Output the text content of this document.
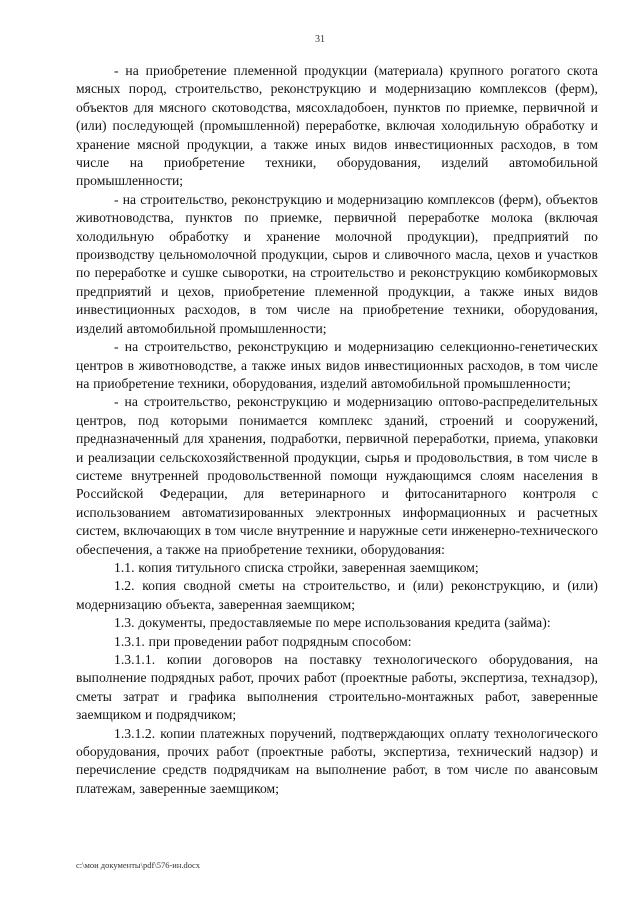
31

- на приобретение племенной продукции (материала) крупного рогатого скота мясных пород, строительство, реконструкцию и модернизацию комплексов (ферм), объектов для мясного скотоводства, мясохладобоен, пунктов по приемке, первичной и (или) последующей (промышленной) переработке, включая холодильную обработку и хранение мясной продукции, а также иных видов инвестиционных расходов, в том числе на приобретение техники, оборудования, изделий автомобильной промышленности;

- на строительство, реконструкцию и модернизацию комплексов (ферм), объектов животноводства, пунктов по приемке, первичной переработке молока (включая холодильную обработку и хранение молочной продукции), предприятий по производству цельномолочной продукции, сыров и сливочного масла, цехов и участков по переработке и сушке сыворотки, на строительство и реконструкцию комбикормовых предприятий и цехов, приобретение племенной продукции, а также иных видов инвестиционных расходов, в том числе на приобретение техники, оборудования, изделий автомобильной промышленности;

- на строительство, реконструкцию и модернизацию селекционно-генетических центров в животноводстве, а также иных видов инвестиционных расходов, в том числе на приобретение техники, оборудования, изделий автомобильной промышленности;

- на строительство, реконструкцию и модернизацию оптово-распределительных центров, под которыми понимается комплекс зданий, строений и сооружений, предназначенный для хранения, подработки, первичной переработки, приема, упаковки и реализации сельскохозяйственной продукции, сырья и продовольствия, в том числе в системе внутренней продовольственной помощи нуждающимся слоям населения в Российской Федерации, для ветеринарного и фитосанитарного контроля с использованием автоматизированных электронных информационных и расчетных систем, включающих в том числе внутренние и наружные сети инженерно-технического обеспечения, а также на приобретение техники, оборудования:

1.1. копия титульного списка стройки, заверенная заемщиком;

1.2. копия сводной сметы на строительство, и (или) реконструкцию, и (или) модернизацию объекта, заверенная заемщиком;

1.3. документы, предоставляемые по мере использования кредита (займа):

1.3.1. при проведении работ подрядным способом:

1.3.1.1. копии договоров на поставку технологического оборудования, на выполнение подрядных работ, прочих работ (проектные работы, экспертиза, технадзор), сметы затрат и графика выполнения строительно-монтажных работ, заверенные заемщиком и подрядчиком;

1.3.1.2. копии платежных поручений, подтверждающих оплату технологического оборудования, прочих работ (проектные работы, экспертиза, технический надзор) и перечисление средств подрядчикам на выполнение работ, в том числе по авансовым платежам, заверенные заемщиком;

c:\мои документы\pdf\576-ин.docx
